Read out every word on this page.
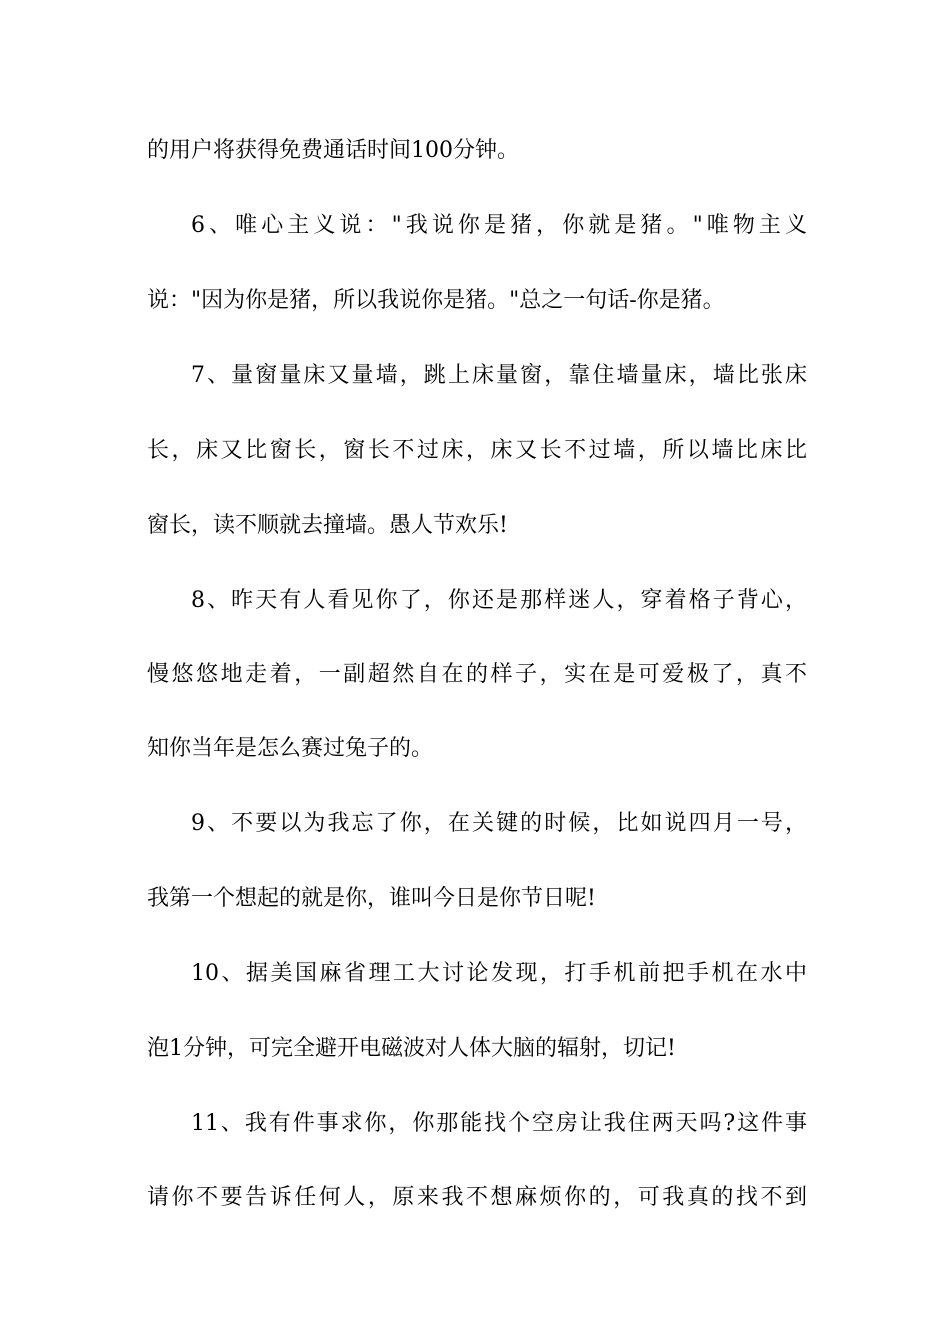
的用户将获得免费通话时间100分钟。
6、唯心主义说："我说你是猪，你就是猪。"唯物主义
说："因为你是猪，所以我说你是猪。"总之一句话-你是猪。
7、量窗量床又量墙，跳上床量窗，靠住墙量床，墙比张床
长，床又比窗长，窗长不过床，床又长不过墙，所以墙比床比
窗长，读不顺就去撞墙。愚人节欢乐!
8、昨天有人看见你了，你还是那样迷人，穿着格子背心，
慢悠悠地走着，一副超然自在的样子，实在是可爱极了，真不
知你当年是怎么赛过兔子的。
9、不要以为我忘了你，在关键的时候，比如说四月一号，
我第一个想起的就是你，谁叫今日是你节日呢!
10、据美国麻省理工大讨论发现，打手机前把手机在水中
泡1分钟，可完全避开电磁波对人体大脑的辐射，切记!
11、我有件事求你，你那能找个空房让我住两天吗?这件事
请你不要告诉任何人，原来我不想麻烦你的，可我真的找不到
